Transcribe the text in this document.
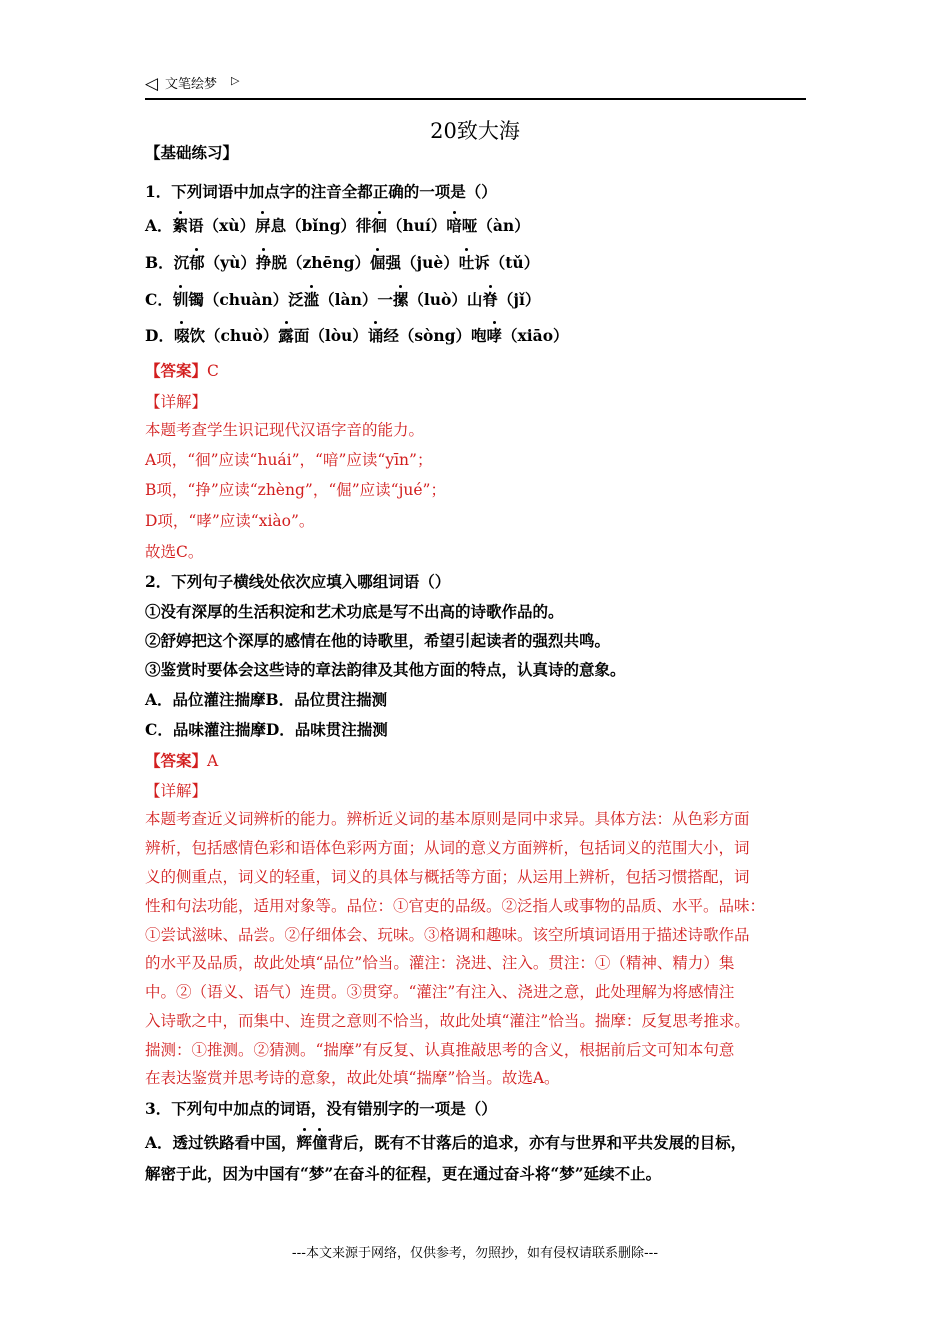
◁ 文笔绘梦 ▷
20致大海
【基础练习】
1．下列词语中加点字的注音全都正确的一项是（）
A．絮语（xù）屏息（bǐng）徘徊（huí）喑哑（àn）
B．沉郁（yù）挣脱（zhēng）倔强（juè）吐诉（tǔ）
C．钏镯（chuàn）泛滥（làn）一摞（luò）山脊（jǐ）
D．啜饮（chuò）露面（lòu）诵经（sòng）咆哮（xiāo）
【答案】C
【详解】
本题考查学生识记现代汉语字音的能力。
A项，“徊”应读“huái”，“喑”应读“yīn”；
B项，“挣”应读“zhèng”，“倔”应读“jué”；
D项，“哮”应读“xiào”。
故选C。
2．下列句子横线处依次应填入哪组词语（）
①没有深厚的生活积淀和艺术功底是写不出高的诗歌作品的。
②舒婷把这个深厚的感情在他的诗歌里，希望引起读者的强烈共鸣。
③鉴赏时要体会这些诗的章法韵律及其他方面的特点，认真诗的意象。
A．品位灌注揣摩B．品位贯注揣测
C．品味灌注揣摩D．品味贯注揣测
【答案】A
【详解】
本题考查近义词辨析的能力。辨析近义词的基本原则是同中求异。具体方法：从色彩方面
辨析，包括感情色彩和语体色彩两方面；从词的意义方面辨析，包括词义的范围大小，词
义的侧重点，词义的轻重，词义的具体与概括等方面；从运用上辨析，包括习惯搭配，词
性和句法功能，适用对象等。品位：①官吏的品级。②泛指人或事物的品质、水平。品味：
①尝试滋味、品尝。②仔细体会、玩味。③格调和趣味。该空所填词语用于描述诗歌作品
的水平及品质，故此处填“品位”恰当。灌注：浇进、注入。贯注：①（精神、精力）集
中。②（语义、语气）连贯。③贯穿。“灌注”有注入、浇进之意，此处理解为将感情注
入诗歌之中，而集中、连贯之意则不恰当，故此处填“灌注”恰当。揣摩：反复思考推求。
揣测：①推测。②猜测。“揣摩”有反复、认真推敲思考的含义，根据前后文可知本句意
在表达鉴赏并思考诗的意象，故此处填“揣摩”恰当。故选A。
3．下列句中加点的词语，没有错别字的一项是（）
A．透过铁路看中国，辉僮背后，既有不甘落后的追求，亦有与世界和平共发展的目标，
解密于此，因为中国有“梦”在奋斗的征程，更在通过奋斗将“梦”延续不止。
---本文来源于网络，仅供参考，勿照抄，如有侵权请联系删除---
